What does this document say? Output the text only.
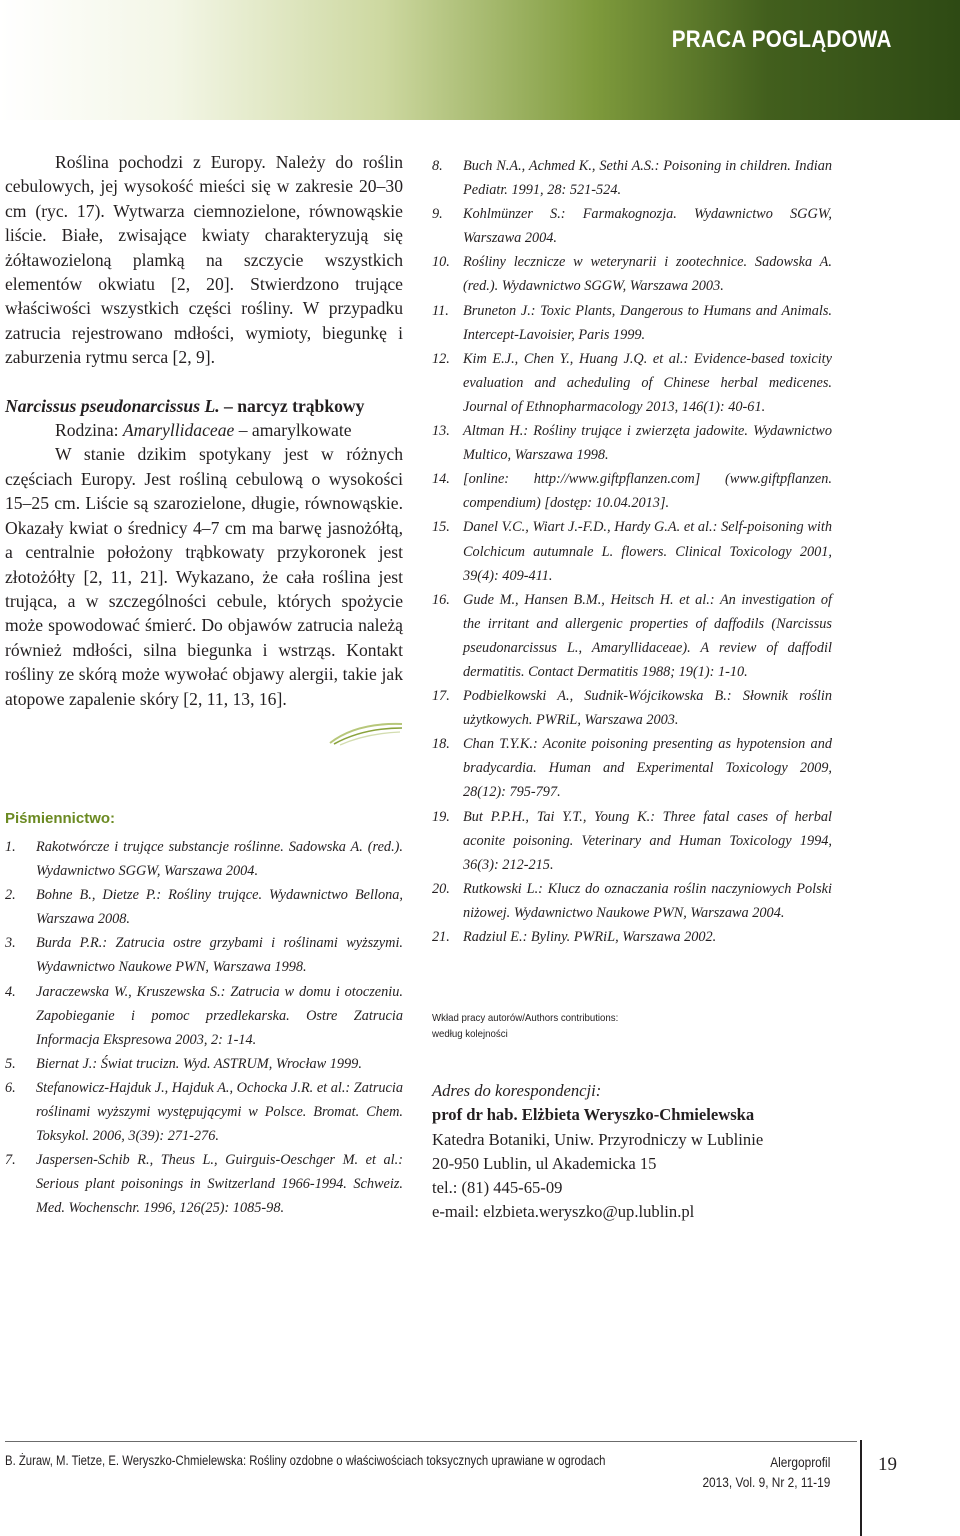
PRACA POGLĄDOWA

Roślina pochodzi z Europy. Należy do roślin cebulowych, jej wysokość mieści się w zakresie 20–30 cm (ryc. 17). Wytwarza ciemnozielone, równowąskie liście. Białe, zwisające kwiaty charakteryzują się żółtawozieloną plamką na szczycie wszystkich elementów okwiatu [2, 20]. Stwierdzono trujące właściwości wszystkich części rośliny. W przypadku zatrucia rejestrowano mdłości, wymioty, biegunkę i zaburzenia rytmu serca [2, 9].

Narcissus pseudonarcissus L. – narcyz trąbkowy

Rodzina: Amaryllidaceae – amarylkowate

W stanie dzikim spotykany jest w różnych częściach Europy. Jest rośliną cebulową o wysokości 15–25 cm. Liście są szarozielone, długie, równowąskie. Okazały kwiat o średnicy 4–7 cm ma barwę jasnożółtą, a centralnie położony trąbkowaty przykoronek jest złotożółty [2, 11, 21]. Wykazano, że cała roślina jest trująca, a w szczególności cebule, których spożycie może spowodować śmierć. Do objawów zatrucia należą również mdłości, silna biegunka i wstrząs. Kontakt rośliny ze skórą może wywołać objawy alergii, takie jak atopowe zapalenie skóry [2, 11, 13, 16].

Piśmiennictwo:
1.	Rakotwórcze i trujące substancje roślinne. Sadowska A. (red.). Wydawnictwo SGGW, Warszawa 2004.
2.	Bohne B., Dietze P.: Rośliny trujące. Wydawnictwo Bellona, Warszawa 2008.
3.	Burda P.R.: Zatrucia ostre grzybami i roślinami wyższymi. Wydawnictwo Naukowe PWN, Warszawa 1998.
4.	Jaraczewska W., Kruszewska S.: Zatrucia w domu i otoczeniu. Zapobieganie i pomoc przedlekarska. Ostre Zatrucia Informacja Ekspresowa 2003, 2: 1-14.
5.	Biernat J.: Świat trucizn. Wyd. ASTRUM, Wrocław 1999.
6.	Stefanowicz-Hajduk J., Hajduk A., Ochocka J.R. et al.: Zatrucia roślinami wyższymi występującymi w Polsce. Bromat. Chem. Toksykol. 2006, 3(39): 271-276.
7.	Jaspersen-Schib R., Theus L., Guirguis-Oeschger M. et al.: Serious plant poisonings in Switzerland 1966-1994. Schweiz. Med. Wochenschr. 1996, 126(25): 1085-98.
8.	Buch N.A., Achmed K., Sethi A.S.: Poisoning in children. Indian Pediatr. 1991, 28: 521-524.
9.	Kohlmünzer S.: Farmakognozja. Wydawnictwo SGGW, Warszawa 2004.
10. Rośliny lecznicze w weterynarii i zootechnice. Sadowska A. (red.). Wydawnictwo SGGW, Warszawa 2003.
11. Bruneton J.: Toxic Plants, Dangerous to Humans and Animals. Intercept-Lavoisier, Paris 1999.
12. Kim E.J., Chen Y., Huang J.Q. et al.: Evidence-based toxicity evaluation and acheduling of Chinese herbal medicenes. Journal of Ethnopharmacology 2013, 146(1): 40-61.
13. Altman H.: Rośliny trujące i zwierzęta jadowite. Wydawnictwo Multico, Warszawa 1998.
14. [online: http://www.giftpflanzen.com] (www.giftpflanzen. compendium) [dostęp: 10.04.2013].
15. Danel V.C., Wiart J.-F.D., Hardy G.A. et al.: Self-poisoning with Colchicum autumnale L. flowers. Clinical Toxicology 2001, 39(4): 409-411.
16. Gude M., Hansen B.M., Heitsch H. et al.: An investigation of the irritant and allergenic properties of daffodils (Narcissus pseudonarcissus L., Amaryllidaceae). A review of daffodil dermatitis. Contact Dermatitis 1988; 19(1): 1-10.
17. Podbielkowski A., Sudnik-Wójcikowska B.: Słownik roślin użytkowych. PWRiL, Warszawa 2003.
18. Chan T.Y.K.: Aconite poisoning presenting as hypotension and bradycardia. Human and Experimental Toxicology 2009, 28(12): 795-797.
19. But P.P.H., Tai Y.T., Young K.: Three fatal cases of herbal aconite poisoning. Veterinary and Human Toxicology 1994, 36(3): 212-215.
20. Rutkowski L.: Klucz do oznaczania roślin naczyniowych Polski niżowej. Wydawnictwo Naukowe PWN, Warszawa 2004.
21. Radziul E.: Byliny. PWRiL, Warszawa 2002.
Wkład pracy autorów/Authors contributions:
według kolejności
Adres do korespondencji:
prof dr hab. Elżbieta Weryszko-Chmielewska
Katedra Botaniki, Uniw. Przyrodniczy w Lublinie
20-950 Lublin, ul Akademicka 15
tel.: (81) 445-65-09
e-mail: elzbieta.weryszko@up.lublin.pl
B. Żuraw, M. Tietze, E. Weryszko-Chmielewska: Rośliny ozdobne o właściwościach toksycznych uprawiane w ogrodach	Alergoprofil
2013, Vol. 9, Nr 2, 11-19
19
